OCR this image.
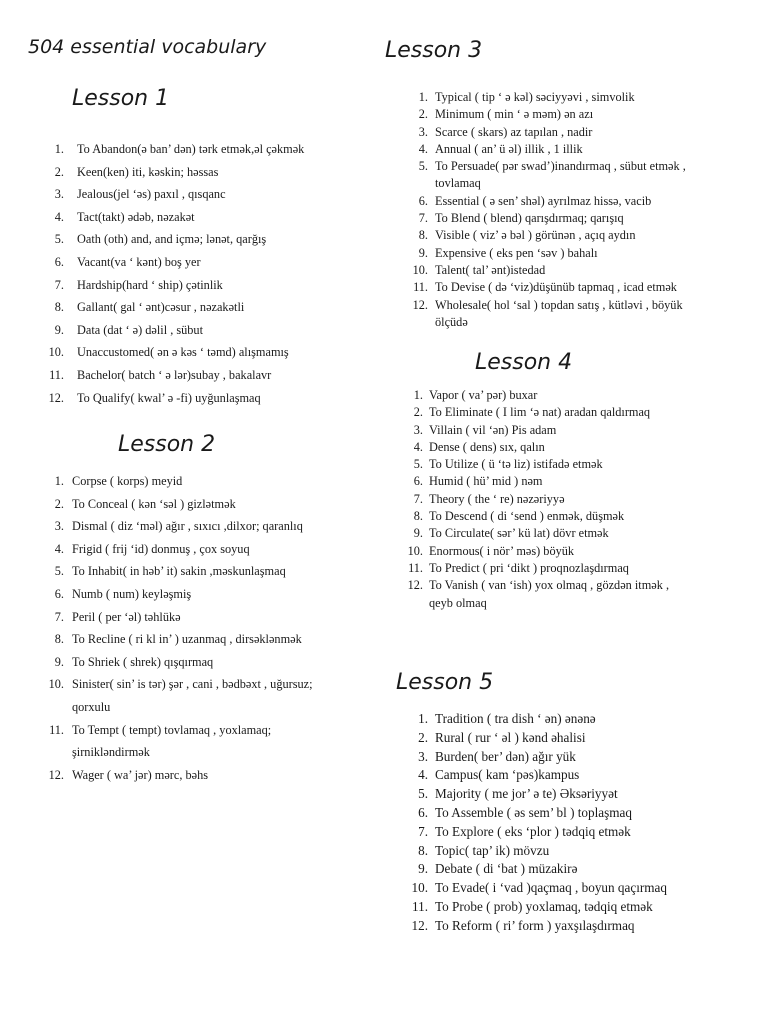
504 essential vocabulary
Lesson 1
1. To Abandon(ə ban’ dən) tərk etmək,əl çəkmək
2. Keen(ken) iti, kəskin; həssas
3. Jealous(jel ‘əs) paxıl , qısqanc
4. Tact(takt) ədəb, nəzakət
5. Oath (oth) and, and içmə; lənət, qarğış
6. Vacant(va ‘ kənt) boş yer
7. Hardship(hard ‘ ship) çətinlik
8. Gallant( gal ‘ ənt)cəsur , nəzakətli
9. Data (dat ‘ ə) dəlil , sübut
10. Unaccustomed( ən ə kəs ‘ təmd) alışmamış
11. Bachelor( batch ‘ ə lər)subay , bakalavr
12. To Qualify( kwal’ ə -fi) uyğunlaşmaq
Lesson 2
1. Corpse ( korps) meyid
2. To Conceal ( kən ‘səl ) gizlətmək
3. Dismal ( diz ‘məl) ağır , sıxıcı ,dilxor; qaranlıq
4. Frigid ( frij ‘id) donmuş , çox soyuq
5. To Inhabit( in həb’ it) sakin ,məskunlaşmaq
6. Numb ( num) keyləşmiş
7. Peril ( per ‘əl) təhlükə
8. To Recline ( ri kl in’ ) uzanmaq , dirsəklənmək
9. To Shriek ( shrek) qışqırmaq
10. Sinister( sin’ is tər) şər , cani , bədbəxt , uğursuz;
qorxulu
11. To Tempt ( tempt) tovlamaq , yoxlamaq;
şirnikləndirmək
12. Wager ( wa’ jər) mərc, bəhs
Lesson 3
1. Typical ( tip ‘ ə kəl) səciyyəvi , simvolik
2. Minimum ( min ‘ ə məm) ən azı
3. Scarce ( skars) az tapılan , nadir
4. Annual ( an’ ü əl) illik , 1 illik
5. To Persuade( pər swad’)inandırmaq , sübut etmək ,
tovlamaq
6. Essential ( ə sen’ shəl) ayrılmaz hissə, vacib
7. To Blend ( blend) qarışdırmaq; qarışıq
8. Visible ( viz’ ə bəl ) görünən , açıq aydın
9. Expensive ( eks pen ‘səv ) bahalı
10. Talent( tal’ ənt)istedad
11. To Devise ( də ‘viz)düşünüb tapmaq , icad etmək
12. Wholesale( hol ‘sal ) topdan satış , kütləvi , böyük
ölçüdə
Lesson 4
1. Vapor ( va’ pər) buxar
2. To Eliminate ( I lim ‘ə nat) aradan qaldırmaq
3. Villain ( vil ‘ən) Pis adam
4. Dense ( dens) sıx, qalın
5. To Utilize ( ü ‘tə liz) istifadə etmək
6. Humid ( hü’ mid ) nəm
7. Theory ( the ‘ re) nəzəriyyə
8. To Descend ( di ‘send ) enmək, düşmək
9. To Circulate( sər’ kü lat) dövr etmək
10. Enormous( i nör’ məs) böyük
11. To Predict ( pri ‘dikt ) proqnozlaşdırmaq
12. To Vanish ( van ‘ish) yox olmaq , gözdən itmək ,
qeyb olmaq
Lesson 5
1. Tradition ( tra dish ‘ ən) ənənə
2. Rural ( rur ‘ əl ) kənd əhalisi
3. Burden( ber’ dən) ağır yük
4. Campus( kam ‘pəs)kampus
5. Majority ( me jor’ ə te) Əksəriyyət
6. To Assemble ( əs sem’ bl ) toplaşmaq
7. To Explore ( eks ‘plor ) tədqiq etmək
8. Topic( tap’ ik) mövzu
9. Debate ( di ‘bat ) müzakirə
10. To Evade( i ‘vad )qaçmaq , boyun qaçırmaq
11. To Probe ( prob) yoxlamaq, tədqiq etmək
12. To Reform ( ri’ form ) yaxşılaşdırmaq
